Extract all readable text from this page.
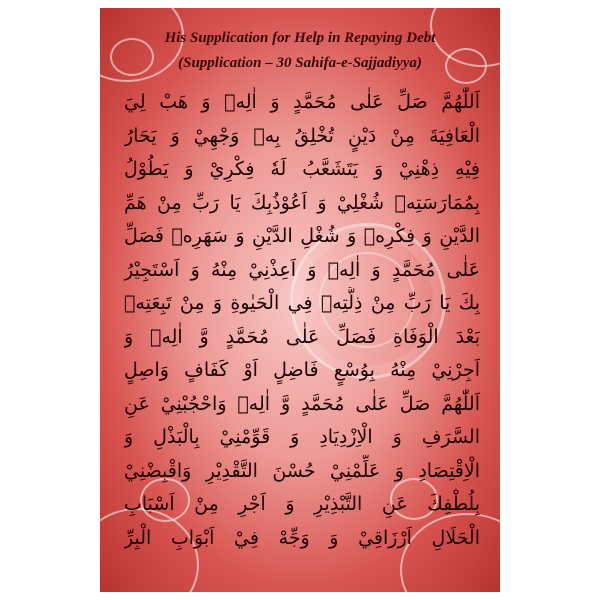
His Supplication for Help in Repaying Debt
(Supplication – 30 Sahifa-e-Sajjadiyya)
اَللّٰهُمَّ صَلِّ عَلٰى مُحَمَّدٍ وَ اٰلِهٖ وَ هَبْ لِيَ
الْعَافِيَةَ مِنْ دَيْنٍ تُخْلِقُ بِهٖ وَجْهِيْ وَ يَحَارُ
فِيْهِ ذِهْنِيْ وَ يَتَشَعَّبُ لَهٗ فِكْرِيْ وَ يَطُوْلُ
بِمُمَارَسَتِهٖ شُغْلِيْ وَ اَعُوْذُبِكَ يَا رَبِّ مِنْ هَمِّ
الدَّيْنِ وَ فِكْرِهٖ وَ شُغْلِ الدَّيْنِ وَ سَهَرِهٖ فَصَلِّ
عَلٰى مُحَمَّدٍ وَ اٰلِهٖ وَ اَعِذْنِيْ مِنْهُ وَ اَسْتَجِيْرُ
بِكَ يَا رَبِّ مِنْ ذِلَّتِهٖ فِي الْحَيٰوةِ وَ مِنْ تَبِعَتِهٖ
بَعْدَ الْوَفَاةِ فَصَلِّ عَلٰى مُحَمَّدٍ وَّ اٰلِهٖ وَ
اَجِرْنِيْ مِنْهُ بِوُسْعٍ فَاضِلٍ اَوْ كَفَافٍ وَاصِلٍ
اَللّٰهُمَّ صَلِّ عَلٰى مُحَمَّدٍ وَّ اٰلِهٖ وَاحْجُبْنِيْ عَنِ
السَّرَفِ وَ الْاِزْدِيَادِ وَ قَوِّمْنِيْ بِالْبَذْلِ وَ
الْاِقْتِصَادِ وَ عَلِّمْنِيْ حُسْنَ التَّقْدِيْرِ وَاقْبِضْنِيْ
بِلُطْفِكَ عَنِ التَّبْذِيْرِ وَ اَجْرِ مِنْ اَسْبَابِ
الْحَلَالِ اَرْزَاقِيْ وَ وَجِّهْ فِيْ اَبْوَابِ الْبِرِّ
